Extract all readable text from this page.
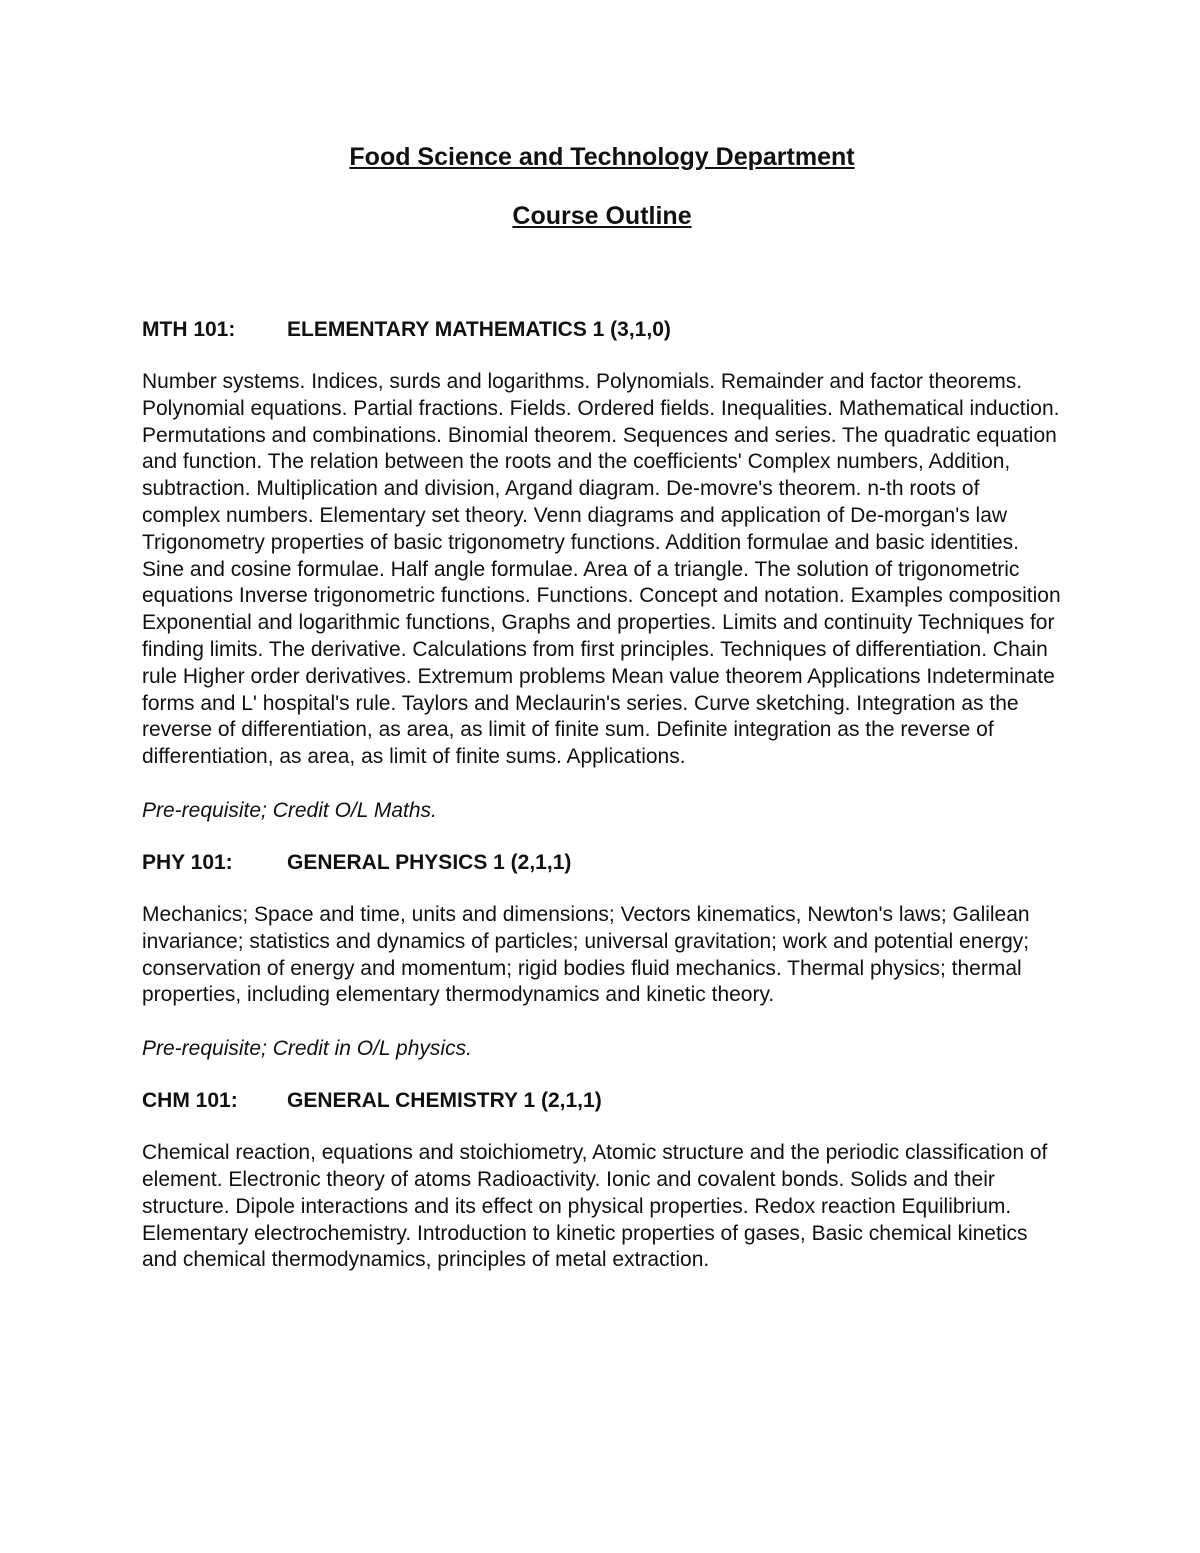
Food Science and Technology Department
Course Outline
MTH 101:	ELEMENTARY MATHEMATICS 1 (3,1,0)

Number systems. Indices, surds and logarithms. Polynomials. Remainder and factor theorems. Polynomial equations. Partial fractions. Fields. Ordered fields. Inequalities. Mathematical induction. Permutations and combinations. Binomial theorem. Sequences and series. The quadratic equation and function. The relation between the roots and the coefficients' Complex numbers, Addition, subtraction. Multiplication and division, Argand diagram. De-movre's theorem. n-th roots of complex numbers. Elementary set theory. Venn diagrams and application of De-morgan's law Trigonometry properties of basic trigonometry functions. Addition formulae and basic identities. Sine and cosine formulae. Half angle formulae. Area of a triangle. The solution of trigonometric equations Inverse trigonometric functions. Functions. Concept and notation. Examples composition Exponential and logarithmic functions, Graphs and properties. Limits and continuity Techniques for finding limits. The derivative. Calculations from first principles. Techniques of differentiation. Chain rule Higher order derivatives. Extremum problems Mean value theorem Applications Indeterminate forms and L' hospital's rule. Taylors and Meclaurin's series. Curve sketching. Integration as the reverse of differentiation, as area, as limit of finite sum. Definite integration as the reverse of differentiation, as area, as limit of finite sums. Applications.

Pre-requisite; Credit O/L Maths.

PHY 101:	GENERAL PHYSICS 1 (2,1,1)

Mechanics; Space and time, units and dimensions; Vectors kinematics, Newton's laws; Galilean invariance; statistics and dynamics of particles; universal gravitation; work and potential energy; conservation of energy and momentum; rigid bodies fluid mechanics. Thermal physics; thermal properties, including elementary thermodynamics and kinetic theory.

Pre-requisite; Credit in O/L physics.

CHM 101:	GENERAL CHEMISTRY 1 (2,1,1)

Chemical reaction, equations and stoichiometry, Atomic structure and the periodic classification of element. Electronic theory of atoms Radioactivity. Ionic and covalent bonds. Solids and their structure. Dipole interactions and its effect on physical properties. Redox reaction Equilibrium. Elementary electrochemistry. Introduction to kinetic properties of gases, Basic chemical kinetics and chemical thermodynamics, principles of metal extraction.
